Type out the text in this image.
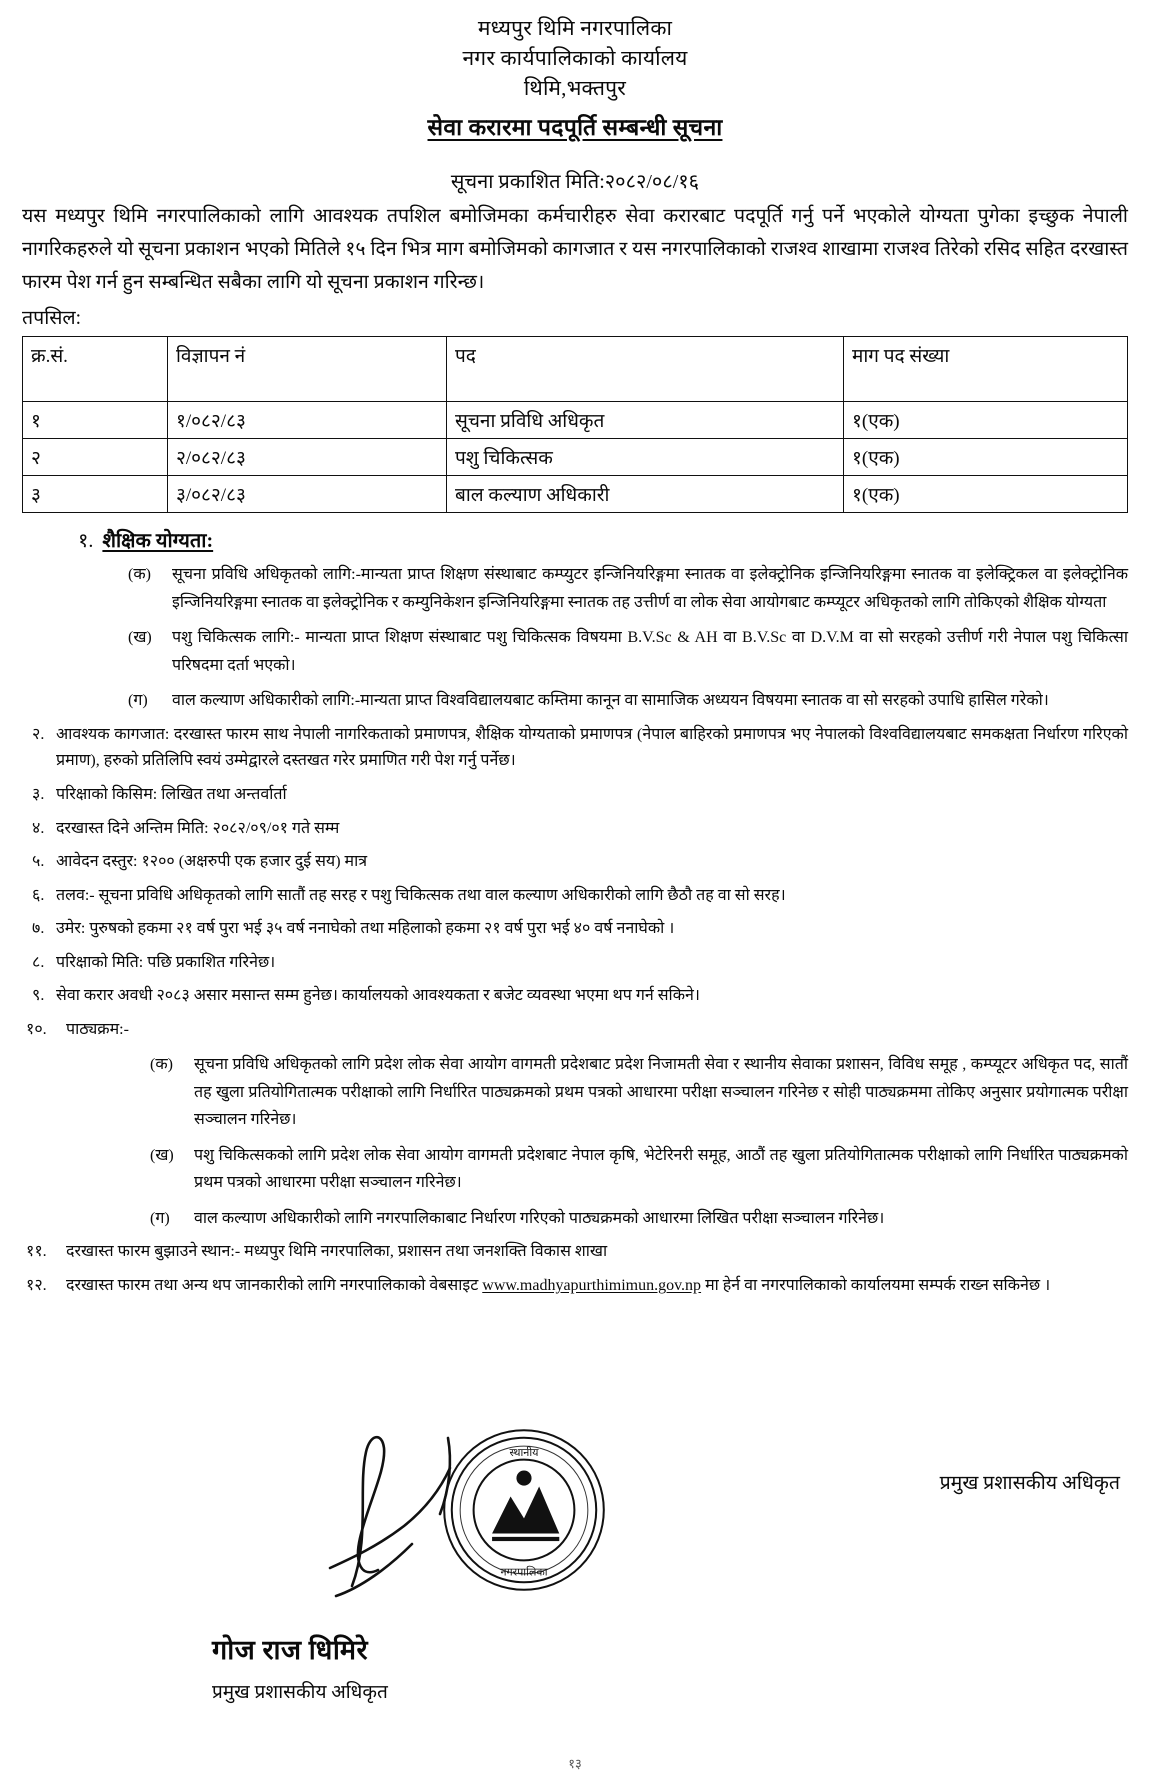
मध्यपुर थिमि नगरपालिका
नगर कार्यपालिकाको कार्यालय
थिमि,भक्तपुर
सेवा करारमा पदपूर्ति सम्बन्धी सूचना
सूचना प्रकाशित मिति:२०८२/०८/१६
यस मध्यपुर थिमि नगरपालिकाको लागि आवश्यक तपशिल बमोजिमका कर्मचारीहरु सेवा करारबाट पदपूर्ति गर्नु पर्ने भएकोले योग्यता पुगेका इच्छुक नेपाली नागरिकहरुले यो सूचना प्रकाशन भएको मितिले १५ दिन भित्र माग बमोजिमको कागजात र यस नगरपालिकाको राजश्व शाखामा राजश्व तिरेको रसिद सहित दरखास्त फारम पेश गर्न हुन सम्बन्धित सबैका लागि यो सूचना प्रकाशन गरिन्छ।
तपसिल:
क्र.सं.	विज्ञापन नं	पद	माग पद संख्या
१	१/०८२/८३	सूचना प्रविधि अधिकृत	१(एक)
२	२/०८२/८३	पशु चिकित्सक	१(एक)
३	३/०८२/८३	बाल कल्याण अधिकारी	१(एक)
१. शैक्षिक योग्यता:
(क)	सूचना प्रविधि अधिकृतको लागि:-मान्यता प्राप्त शिक्षण संस्थाबाट कम्प्युटर इन्जिनियरिङ्गमा स्नातक वा इलेक्ट्रोनिक इन्जिनियरिङ्गमा स्नातक वा इलेक्ट्रिकल वा इलेक्ट्रोनिक इन्जिनियरिङ्गमा स्नातक वा इलेक्ट्रोनिक र कम्युनिकेशन इन्जिनियरिङ्गमा स्नातक तह उत्तीर्ण वा लोक सेवा आयोगबाट कम्प्यूटर अधिकृतको लागि तोकिएको शैक्षिक योग्यता
(ख)	पशु चिकित्सक लागि:- मान्यता प्राप्त शिक्षण संस्थाबाट पशु चिकित्सक विषयमा B.V.Sc & AH वा B.V.Sc वा D.V.M वा सो सरहको उत्तीर्ण गरी नेपाल पशु चिकित्सा परिषदमा दर्ता भएको।
(ग)	वाल कल्याण अधिकारीको लागि:-मान्यता प्राप्त विश्वविद्यालयबाट कम्तिमा कानून वा सामाजिक अध्ययन विषयमा स्नातक वा सो सरहको उपाधि हासिल गरेको।
२. आवश्यक कागजात: दरखास्त फारम साथ नेपाली नागरिकताको प्रमाणपत्र, शैक्षिक योग्यताको प्रमाणपत्र (नेपाल बाहिरको प्रमाणपत्र भए नेपालको विश्वविद्यालयबाट समकक्षता निर्धारण गरिएको प्रमाण), हरुको प्रतिलिपि स्वयं उम्मेद्वारले दस्तखत गरेर प्रमाणित गरी पेश गर्नु पर्नेछ।
३. परिक्षाको किसिम: लिखित तथा अन्तर्वार्ता
४. दरखास्त दिने अन्तिम मिति: २०८२/०९/०१ गते सम्म
५. आवेदन दस्तुर: १२०० (अक्षरुपी एक हजार दुई सय) मात्र
६. तलव:- सूचना प्रविधि अधिकृतको लागि सातौं तह सरह र पशु चिकित्सक तथा वाल कल्याण अधिकारीको लागि छैठौ तह वा सो सरह।
७. उमेर: पुरुषको हकमा २१ वर्ष पुरा भई ३५ वर्ष ननाघेको तथा महिलाको हकमा २१ वर्ष पुरा भई ४० वर्ष ननाघेको ।
८. परिक्षाको मिति: पछि प्रकाशित गरिनेछ।
९. सेवा करार अवधी २०८३ असार मसान्त सम्म हुनेछ। कार्यालयको आवश्यकता र बजेट व्यवस्था भएमा थप गर्न सकिने।
१०.	पाठ्यक्रम:-
(क)	सूचना प्रविधि अधिकृतको लागि प्रदेश लोक सेवा आयोग वागमती प्रदेशबाट प्रदेश निजामती सेवा र स्थानीय सेवाका प्रशासन, विविध समूह , कम्प्यूटर अधिकृत पद, सातौं तह खुला प्रतियोगितात्मक परीक्षाको लागि निर्धारित पाठ्यक्रमको प्रथम पत्रको आधारमा परीक्षा सञ्चालन गरिनेछ र सोही पाठ्यक्रममा तोकिए अनुसार प्रयोगात्मक परीक्षा सञ्चालन गरिनेछ।
(ख)	पशु चिकित्सकको लागि प्रदेश लोक सेवा आयोग वागमती प्रदेशबाट नेपाल कृषि, भेटेरिनरी समूह, आठौं तह खुला प्रतियोगितात्मक परीक्षाको लागि निर्धारित पाठ्यक्रमको प्रथम पत्रको आधारमा परीक्षा सञ्चालन गरिनेछ।
(ग)	वाल कल्याण अधिकारीको लागि नगरपालिकाबाट निर्धारण गरिएको पाठ्यक्रमको आधारमा लिखित परीक्षा सञ्चालन गरिनेछ।
११.	दरखास्त फारम बुझाउने स्थान:- मध्यपुर थिमि नगरपालिका, प्रशासन तथा जनशक्ति विकास शाखा
१२.	दरखास्त फारम तथा अन्य थप जानकारीको लागि नगरपालिकाको वेबसाइट www.madhyapurthimimun.gov.np मा हेर्न वा नगरपालिकाको कार्यालयमा सम्पर्क राख्न सकिनेछ ।
प्रमुख प्रशासकीय अधिकृत
स्थानीय
नगरपालिका
गोज राज धिमिरे
प्रमुख प्रशासकीय अधिकृत
१३
